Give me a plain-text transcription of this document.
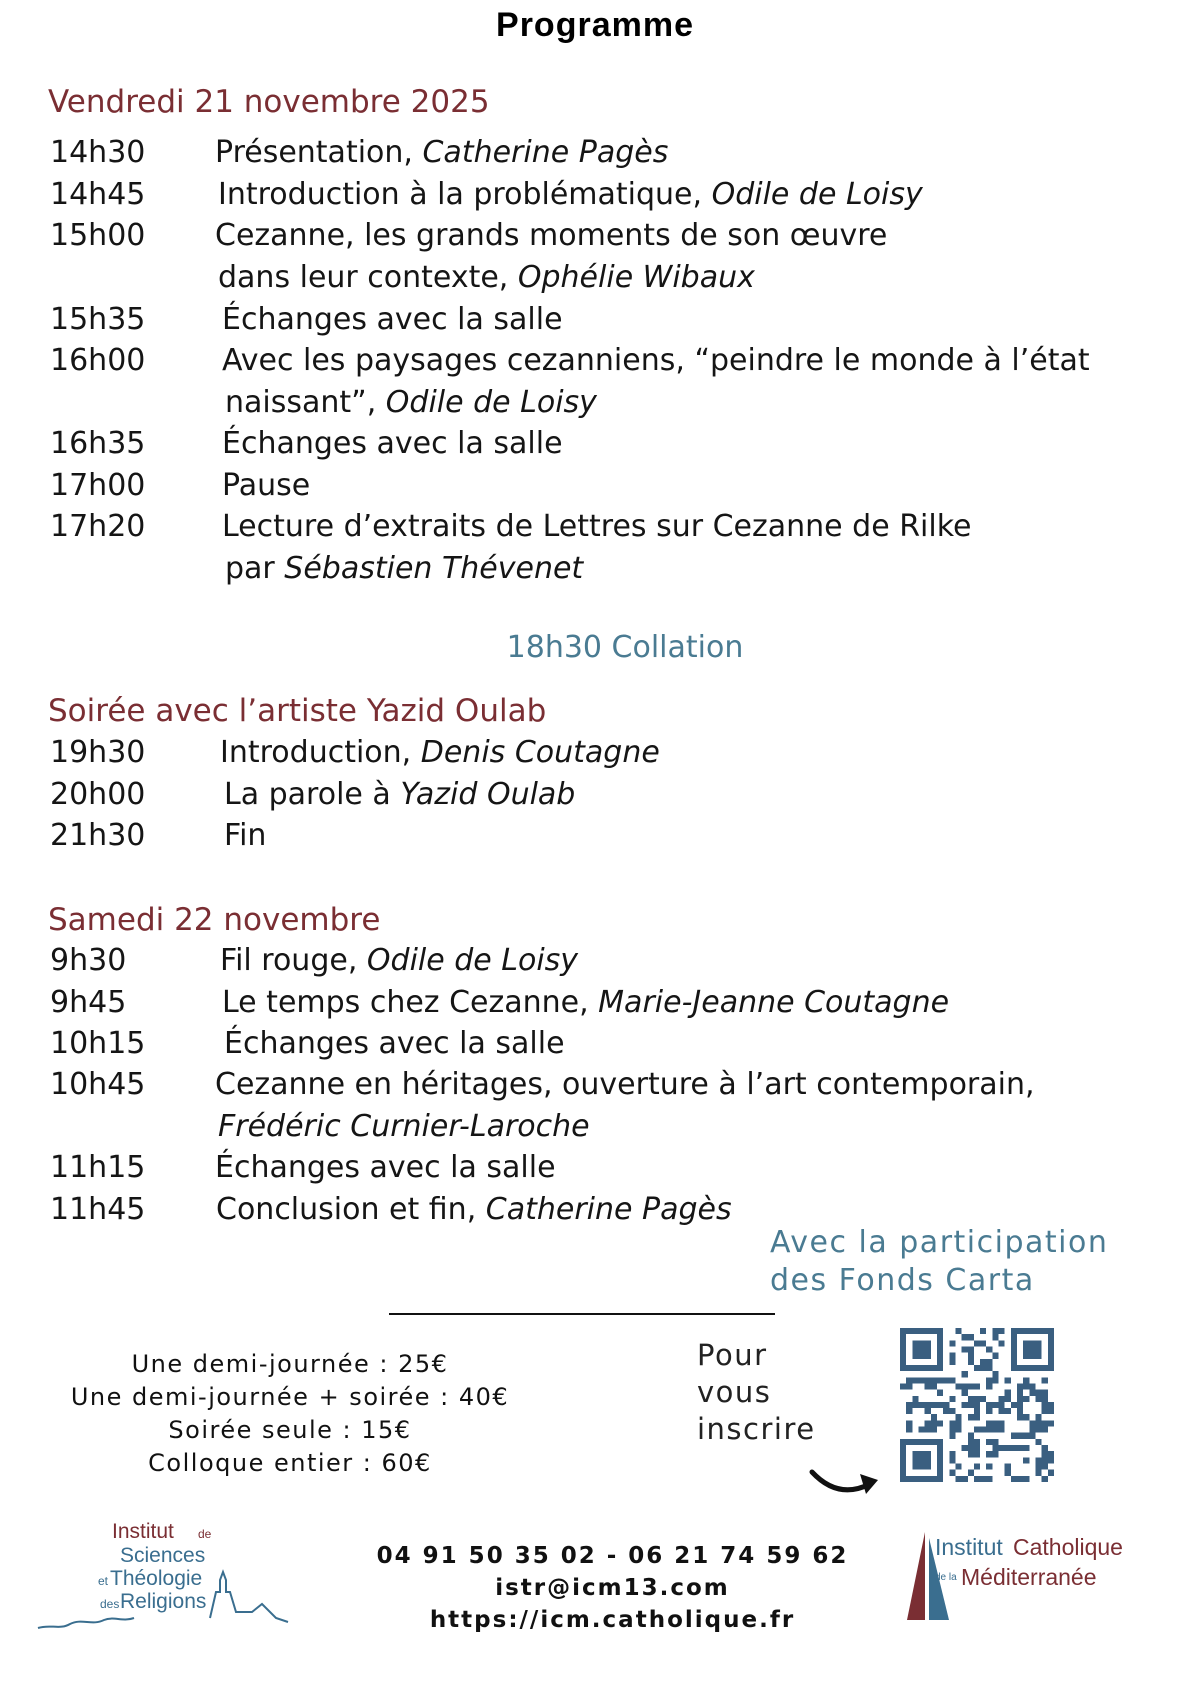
Programme
Vendredi 21 novembre 2025
14h30 Présentation, Catherine Pagès
14h45 Introduction à la problématique, Odile de Loisy
15h00 Cezanne, les grands moments de son œuvre
dans leur contexte, Ophélie Wibaux
15h35	Échanges avec la salle
16h00	Avec les paysages cezanniens, “peindre le monde à l’état
naissant”, Odile de Loisy
16h35	Échanges avec la salle
17h00	Pause
17h20	Lecture d’extraits de Lettres sur Cezanne de Rilke
par Sébastien Thévenet
18h30 Collation
Soirée avec l’artiste Yazid Oulab
19h30 Introduction, Denis Coutagne
20h00	La parole à Yazid Oulab
21h30	Fin
Samedi 22 novembre
9h30	Fil rouge, Odile de Loisy
9h45	Le temps chez Cezanne, Marie-Jeanne Coutagne
10h15	Échanges avec la salle
10h45 Cezanne en héritages, ouverture à l’art contemporain,
Frédéric Curnier-Laroche
11h15 Échanges avec la salle
11h45 Conclusion et fin, Catherine Pagès
Avec la participation
des Fonds Carta
Une demi-journée : 25€
Une demi-journée + soirée : 40€
Soirée seule : 15€
Colloque entier : 60€
Pour
vous
inscrire
04 91 50 35 02 - 06 21 74 59 62
istr@icm13.com
https://icm.catholique.fr
Institut de
Sciences
et Théologie
des Religions
Institut Catholique
de la Méditerranée
